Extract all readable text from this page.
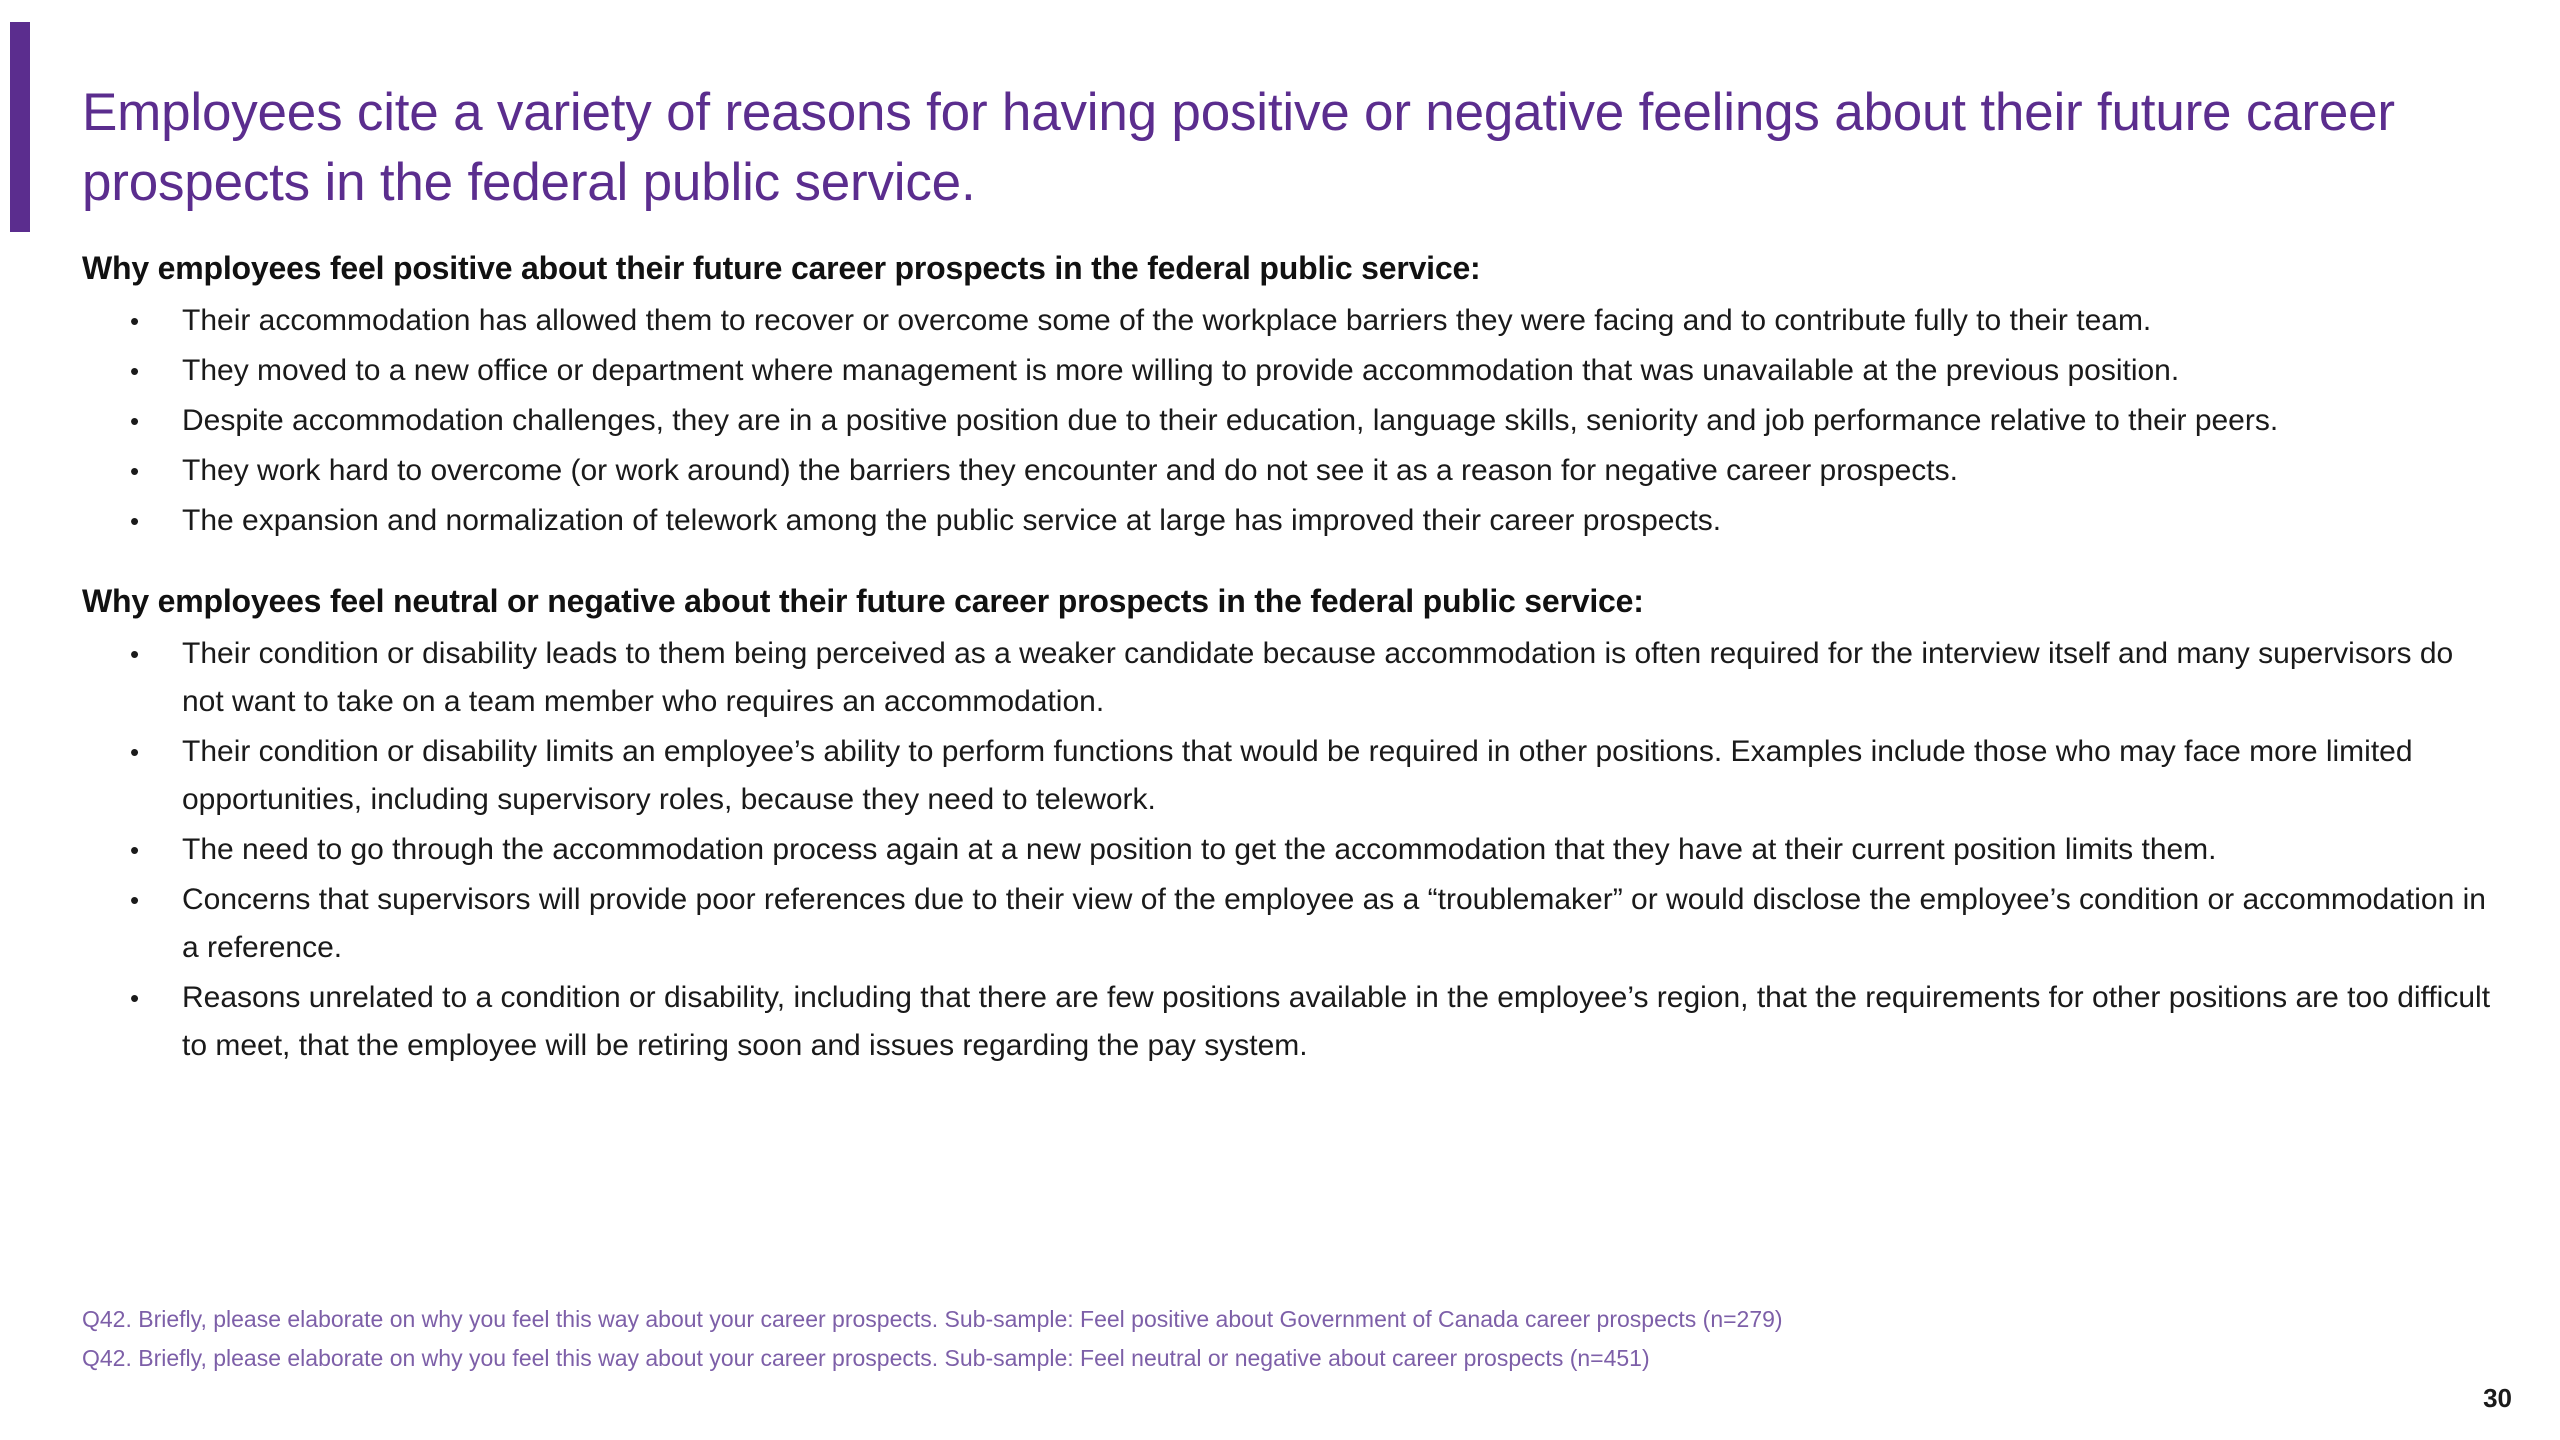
Employees cite a variety of reasons for having positive or negative feelings about their future career prospects in the federal public service.
Why employees feel positive about their future career prospects in the federal public service:
• Their accommodation has allowed them to recover or overcome some of the workplace barriers they were facing and to contribute fully to their team.
• They moved to a new office or department where management is more willing to provide accommodation that was unavailable at the previous position.
• Despite accommodation challenges, they are in a positive position due to their education, language skills, seniority and job performance relative to their peers.
• They work hard to overcome (or work around) the barriers they encounter and do not see it as a reason for negative career prospects.
• The expansion and normalization of telework among the public service at large has improved their career prospects.
Why employees feel neutral or negative about their future career prospects in the federal public service:
• Their condition or disability leads to them being perceived as a weaker candidate because accommodation is often required for the interview itself and many supervisors do not want to take on a team member who requires an accommodation.
• Their condition or disability limits an employee’s ability to perform functions that would be required in other positions. Examples include those who may face more limited opportunities, including supervisory roles, because they need to telework.
• The need to go through the accommodation process again at a new position to get the accommodation that they have at their current position limits them.
• Concerns that supervisors will provide poor references due to their view of the employee as a “troublemaker” or would disclose the employee’s condition or accommodation in a reference.
• Reasons unrelated to a condition or disability, including that there are few positions available in the employee’s region, that the requirements for other positions are too difficult to meet, that the employee will be retiring soon and issues regarding the pay system.
Q42. Briefly, please elaborate on why you feel this way about your career prospects. Sub-sample: Feel positive about Government of Canada career prospects (n=279)
Q42. Briefly, please elaborate on why you feel this way about your career prospects. Sub-sample: Feel neutral or negative about career prospects (n=451)
30
